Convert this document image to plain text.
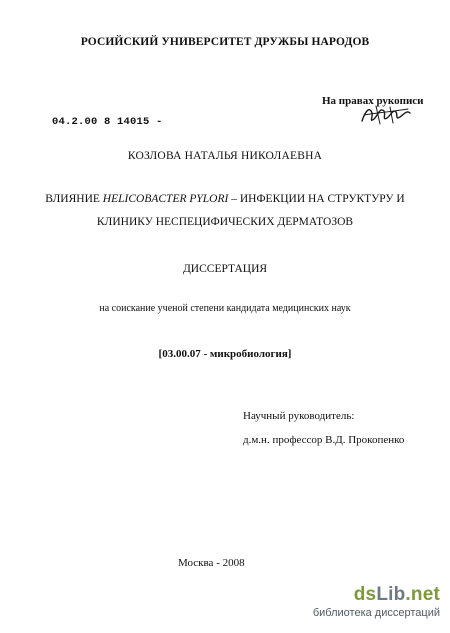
РОСИЙСКИЙ УНИВЕРСИТЕТ ДРУЖБЫ НАРОДОВ
На правах рукописи
04.2.00 8 14015 -
КОЗЛОВА НАТАЛЬЯ НИКОЛАЕВНА
ВЛИЯНИЕ HELICOBACTER PYLORI – ИНФЕКЦИИ НА СТРУКТУРУ И
КЛИНИКУ НЕСПЕЦИФИЧЕСКИХ ДЕРМАТОЗОВ
ДИССЕРТАЦИЯ
на соискание ученой степени кандидата медицинских наук
[03.00.07 - микробиология]
Научный руководитель:
д.м.н. профессор В.Д. Прокопенко
Москва - 2008
ds Lib .net
библиотека диссертаций
